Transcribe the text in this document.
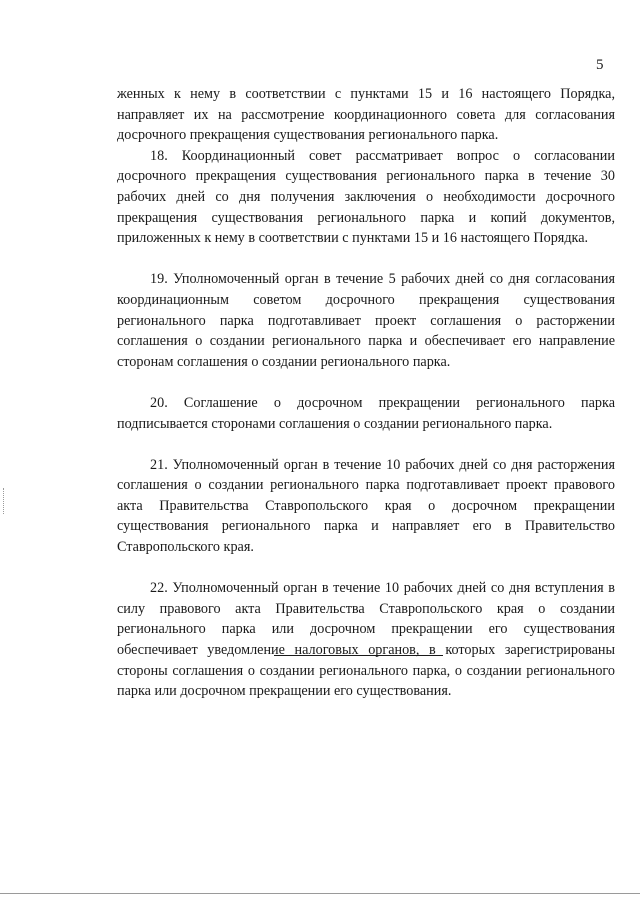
5

женных к нему в соответствии с пунктами 15 и 16 настоящего Порядка, направляет их на рассмотрение координационного совета для согласования досрочного прекращения существования регионального парка.

18. Координационный совет рассматривает вопрос о согласовании досрочного прекращения существования регионального парка в течение 30 рабочих дней со дня получения заключения о необходимости досрочного прекращения существования регионального парка и копий документов, приложенных к нему в соответствии с пунктами 15 и 16 настоящего Порядка.

19. Уполномоченный орган в течение 5 рабочих дней со дня согласования координационным советом досрочного прекращения существования регионального парка подготавливает проект соглашения о расторжении соглашения о создании регионального парка и обеспечивает его направление сторонам соглашения о создании регионального парка.

20. Соглашение о досрочном прекращении регионального парка подписывается сторонами соглашения о создании регионального парка.

21. Уполномоченный орган в течение 10 рабочих дней со дня расторжения соглашения о создании регионального парка подготавливает проект правового акта Правительства Ставропольского края о досрочном прекращении существования регионального парка и направляет его в Правительство Ставропольского края.

22. Уполномоченный орган в течение 10 рабочих дней со дня вступления в силу правового акта Правительства Ставропольского края о создании регионального парка или досрочном прекращении его существования обеспечивает уведомление налоговых органов, в которых зарегистрированы стороны соглашения о создании регионального парка, о создании регионального парка или досрочном прекращении его существования.
